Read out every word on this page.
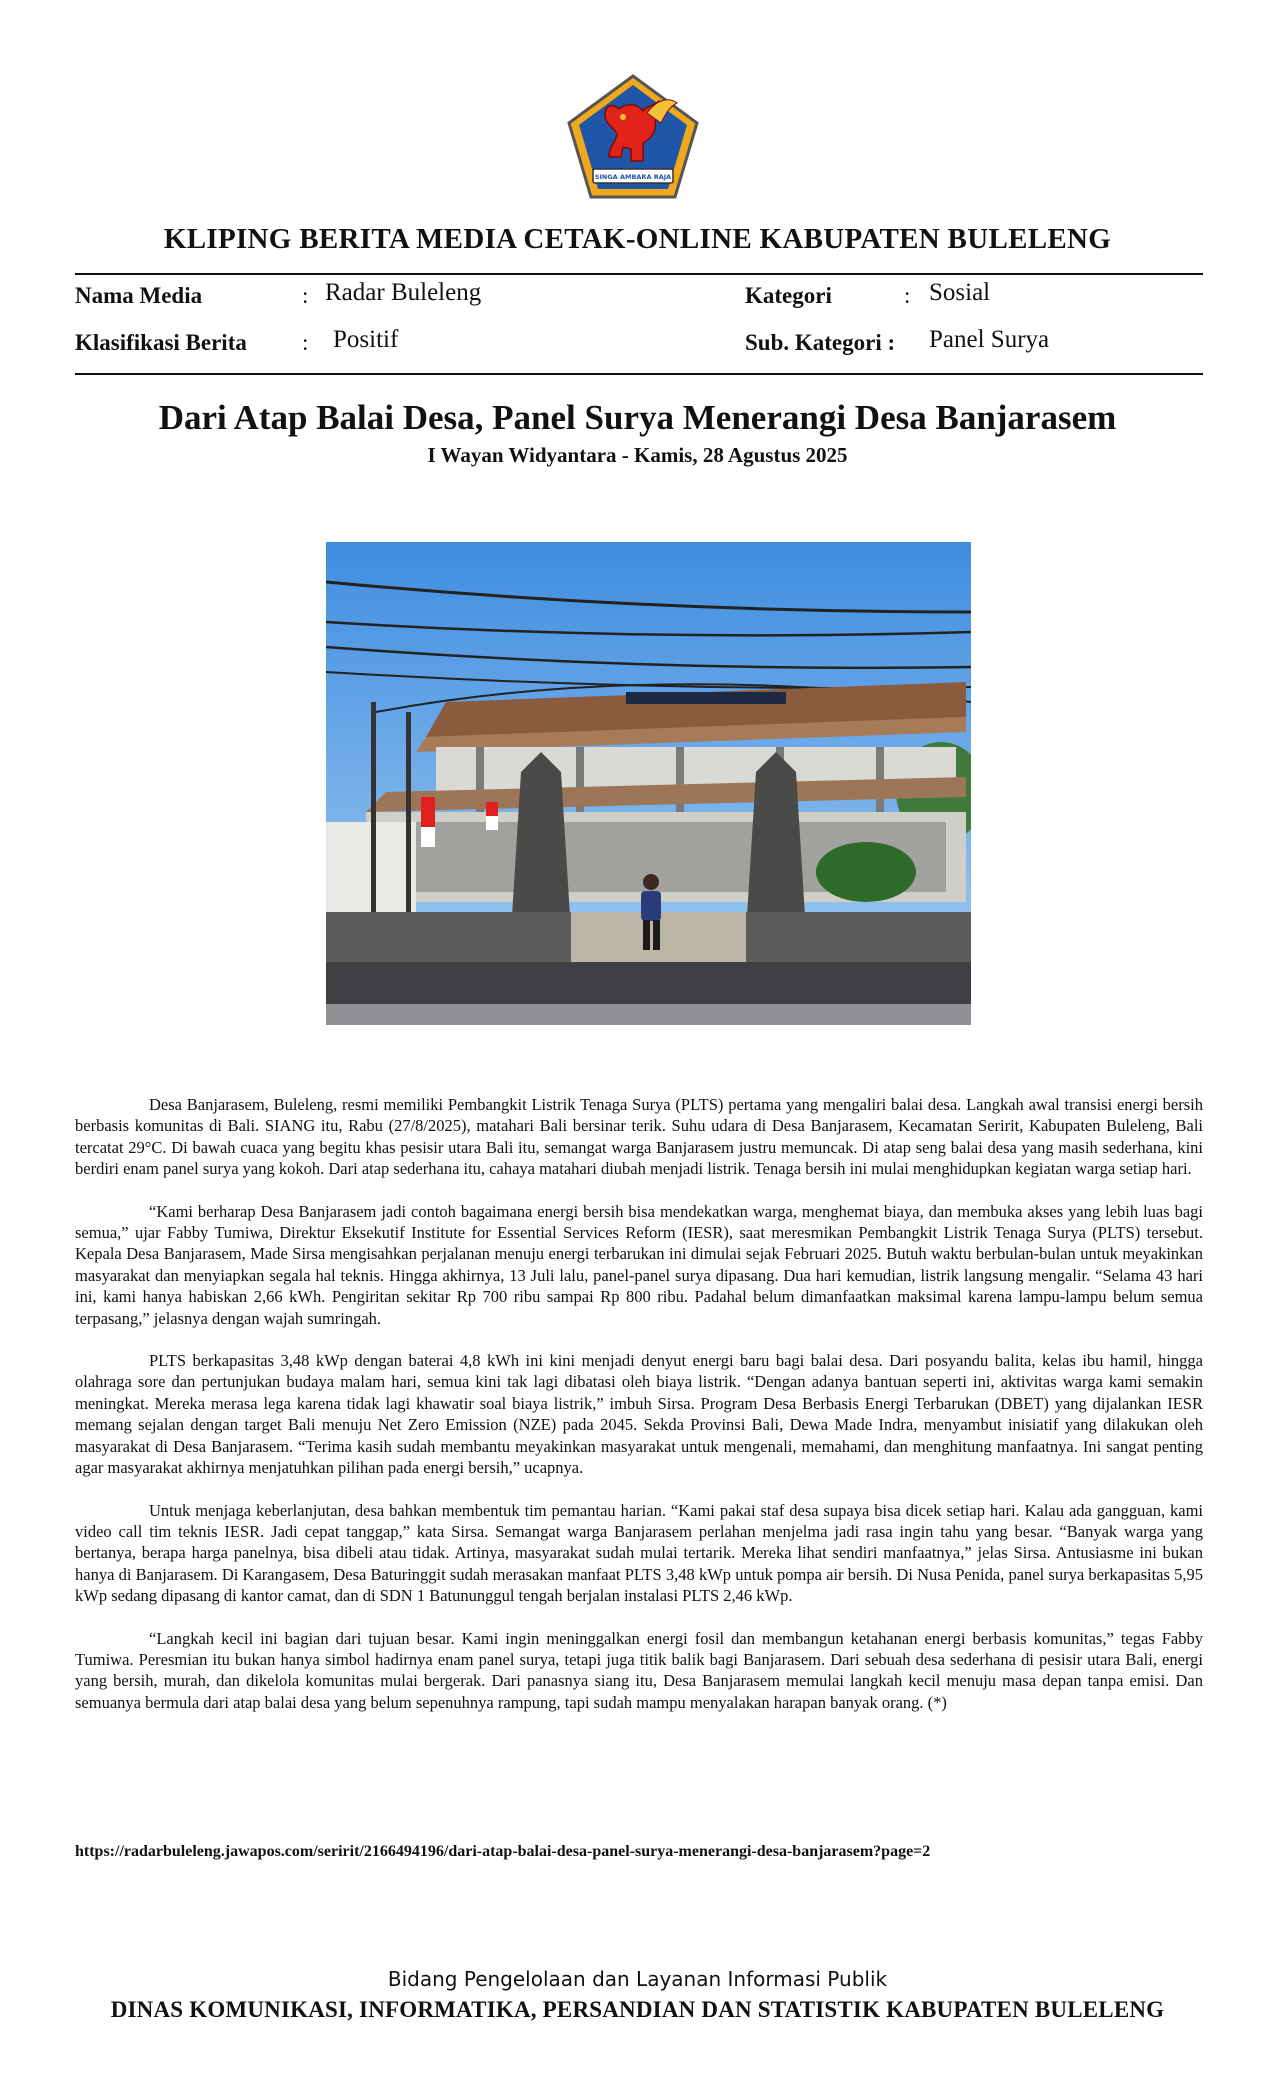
SINGA AMBARA RAJA
KLIPING BERITA MEDIA CETAK-ONLINE KABUPATEN BULELENG
Nama Media	: Radar Buleleng
Klasifikasi Berita : Positif
Kategori	: Sosial
Sub. Kategori : Panel Surya
Dari Atap Balai Desa, Panel Surya Menerangi Desa Banjarasem
I Wayan Widyantara - Kamis, 28 Agustus 2025

Desa Banjarasem, Buleleng, resmi memiliki Pembangkit Listrik Tenaga Surya (PLTS) pertama yang mengaliri balai desa. Langkah awal transisi energi bersih berbasis komunitas di Bali. SIANG itu, Rabu (27/8/2025), matahari Bali bersinar terik. Suhu udara di Desa Banjarasem, Kecamatan Seririt, Kabupaten Buleleng, Bali tercatat 29°C. Di bawah cuaca yang begitu khas pesisir utara Bali itu, semangat warga Banjarasem justru memuncak. Di atap seng balai desa yang masih sederhana, kini berdiri enam panel surya yang kokoh. Dari atap sederhana itu, cahaya matahari diubah menjadi listrik. Tenaga bersih ini mulai menghidupkan kegiatan warga setiap hari.

“Kami berharap Desa Banjarasem jadi contoh bagaimana energi bersih bisa mendekatkan warga, menghemat biaya, dan membuka akses yang lebih luas bagi semua,” ujar Fabby Tumiwa, Direktur Eksekutif Institute for Essential Services Reform (IESR), saat meresmikan Pembangkit Listrik Tenaga Surya (PLTS) tersebut. Kepala Desa Banjarasem, Made Sirsa mengisahkan perjalanan menuju energi terbarukan ini dimulai sejak Februari 2025. Butuh waktu berbulan-bulan untuk meyakinkan masyarakat dan menyiapkan segala hal teknis. Hingga akhirnya, 13 Juli lalu, panel-panel surya dipasang. Dua hari kemudian, listrik langsung mengalir. “Selama 43 hari ini, kami hanya habiskan 2,66 kWh. Pengiritan sekitar Rp 700 ribu sampai Rp 800 ribu. Padahal belum dimanfaatkan maksimal karena lampu-lampu belum semua terpasang,” jelasnya dengan wajah sumringah.

PLTS berkapasitas 3,48 kWp dengan baterai 4,8 kWh ini kini menjadi denyut energi baru bagi balai desa. Dari posyandu balita, kelas ibu hamil, hingga olahraga sore dan pertunjukan budaya malam hari, semua kini tak lagi dibatasi oleh biaya listrik. “Dengan adanya bantuan seperti ini, aktivitas warga kami semakin meningkat. Mereka merasa lega karena tidak lagi khawatir soal biaya listrik,” imbuh Sirsa. Program Desa Berbasis Energi Terbarukan (DBET) yang dijalankan IESR memang sejalan dengan target Bali menuju Net Zero Emission (NZE) pada 2045. Sekda Provinsi Bali, Dewa Made Indra, menyambut inisiatif yang dilakukan oleh masyarakat di Desa Banjarasem. “Terima kasih sudah membantu meyakinkan masyarakat untuk mengenali, memahami, dan menghitung manfaatnya. Ini sangat penting agar masyarakat akhirnya menjatuhkan pilihan pada energi bersih,” ucapnya.

Untuk menjaga keberlanjutan, desa bahkan membentuk tim pemantau harian. “Kami pakai staf desa supaya bisa dicek setiap hari. Kalau ada gangguan, kami video call tim teknis IESR. Jadi cepat tanggap,” kata Sirsa. Semangat warga Banjarasem perlahan menjelma jadi rasa ingin tahu yang besar. “Banyak warga yang bertanya, berapa harga panelnya, bisa dibeli atau tidak. Artinya, masyarakat sudah mulai tertarik. Mereka lihat sendiri manfaatnya,” jelas Sirsa. Antusiasme ini bukan hanya di Banjarasem. Di Karangasem, Desa Baturinggit sudah merasakan manfaat PLTS 3,48 kWp untuk pompa air bersih. Di Nusa Penida, panel surya berkapasitas 5,95 kWp sedang dipasang di kantor camat, dan di SDN 1 Batununggul tengah berjalan instalasi PLTS 2,46 kWp.

“Langkah kecil ini bagian dari tujuan besar. Kami ingin meninggalkan energi fosil dan membangun ketahanan energi berbasis komunitas,” tegas Fabby Tumiwa. Peresmian itu bukan hanya simbol hadirnya enam panel surya, tetapi juga titik balik bagi Banjarasem. Dari sebuah desa sederhana di pesisir utara Bali, energi yang bersih, murah, dan dikelola komunitas mulai bergerak. Dari panasnya siang itu, Desa Banjarasem memulai langkah kecil menuju masa depan tanpa emisi. Dan semuanya bermula dari atap balai desa yang belum sepenuhnya rampung, tapi sudah mampu menyalakan harapan banyak orang. (*)

https://radarbuleleng.jawapos.com/seririt/2166494196/dari-atap-balai-desa-panel-surya-menerangi-desa-banjarasem?page=2
Bidang Pengelolaan dan Layanan Informasi Publik
DINAS KOMUNIKASI, INFORMATIKA, PERSANDIAN DAN STATISTIK KABUPATEN BULELENG
